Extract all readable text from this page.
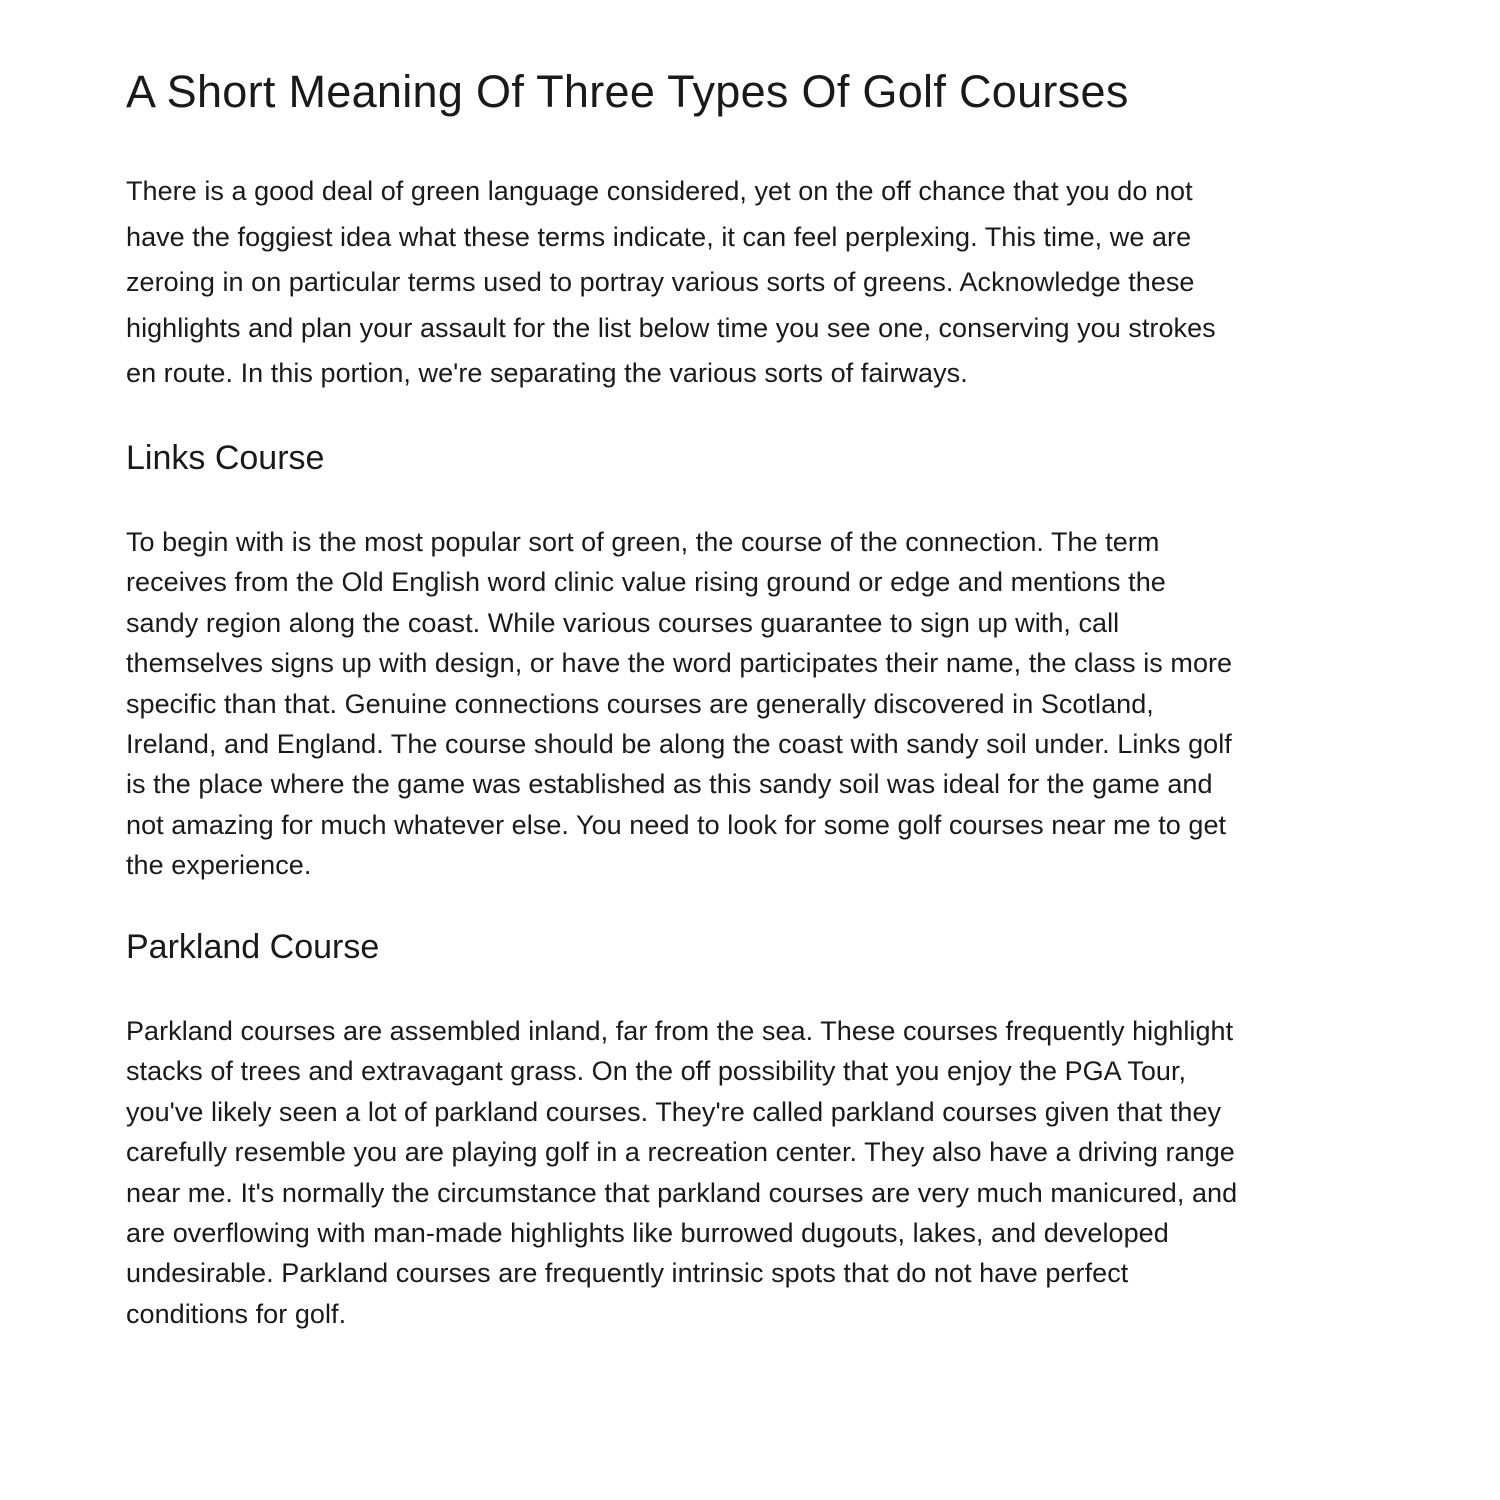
A Short Meaning Of Three Types Of Golf Courses

There is a good deal of green language considered, yet on the off chance that you do not
have the foggiest idea what these terms indicate, it can feel perplexing. This time, we are
zeroing in on particular terms used to portray various sorts of greens. Acknowledge these
highlights and plan your assault for the list below time you see one, conserving you strokes
en route. In this portion, we're separating the various sorts of fairways.

Links Course

To begin with is the most popular sort of green, the course of the connection. The term
receives from the Old English word clinic value rising ground or edge and mentions the
sandy region along the coast. While various courses guarantee to sign up with, call
themselves signs up with design, or have the word participates their name, the class is more
specific than that. Genuine connections courses are generally discovered in Scotland,
Ireland, and England. The course should be along the coast with sandy soil under. Links golf
is the place where the game was established as this sandy soil was ideal for the game and
not amazing for much whatever else. You need to look for some golf courses near me to get
the experience.

Parkland Course

Parkland courses are assembled inland, far from the sea. These courses frequently highlight
stacks of trees and extravagant grass. On the off possibility that you enjoy the PGA Tour,
you've likely seen a lot of parkland courses. They're called parkland courses given that they
carefully resemble you are playing golf in a recreation center. They also have a driving range
near me. It's normally the circumstance that parkland courses are very much manicured, and
are overflowing with man-made highlights like burrowed dugouts, lakes, and developed
undesirable. Parkland courses are frequently intrinsic spots that do not have perfect
conditions for golf.
